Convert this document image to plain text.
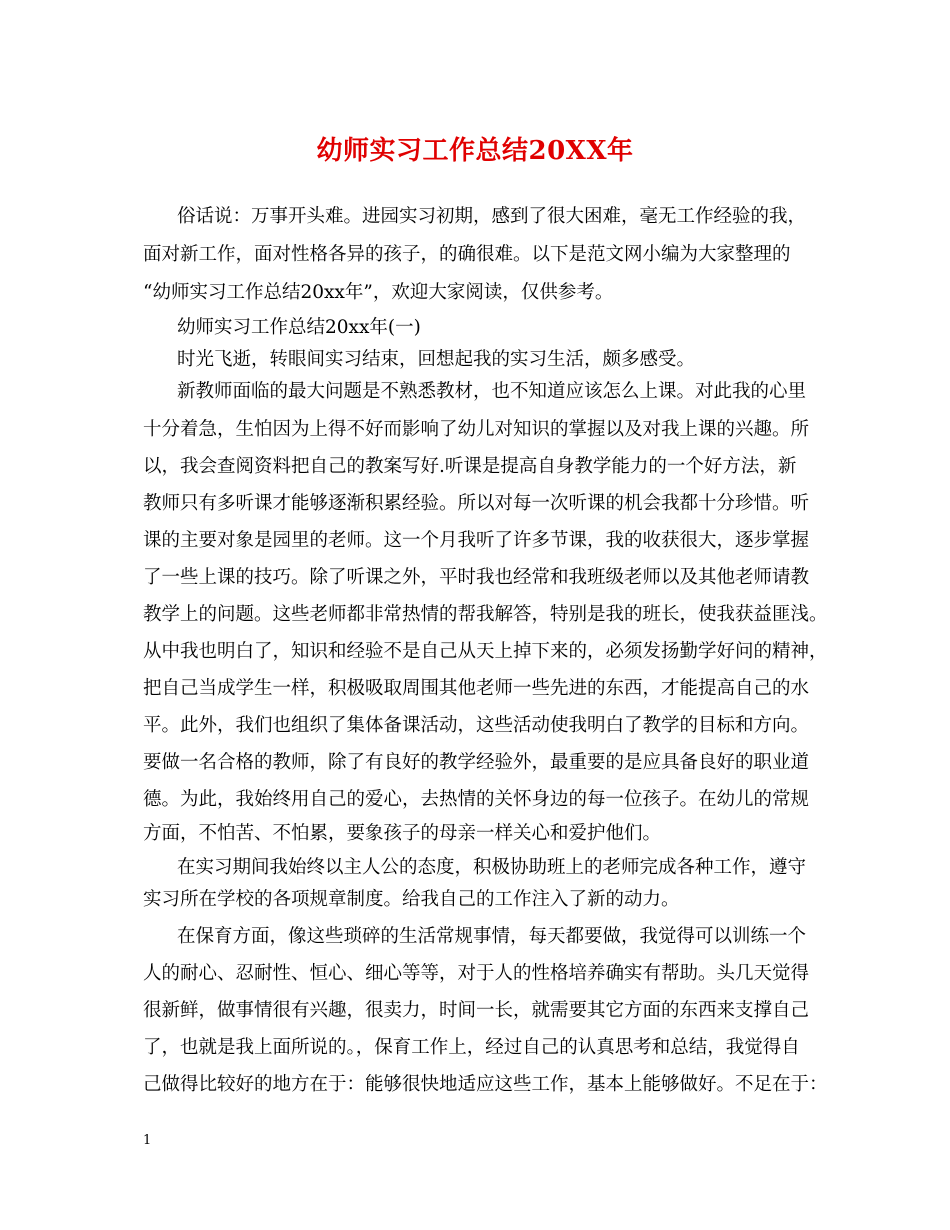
幼师实习工作总结20XX年
俗话说：万事开头难。进园实习初期，感到了很大困难，毫无工作经验的我，
面对新工作，面对性格各异的孩子，的确很难。以下是范文网小编为大家整理的
“幼师实习工作总结20xx年”，欢迎大家阅读，仅供参考。
幼师实习工作总结20xx年(一)
时光飞逝，转眼间实习结束，回想起我的实习生活，颇多感受。
新教师面临的最大问题是不熟悉教材，也不知道应该怎么上课。对此我的心里
十分着急，生怕因为上得不好而影响了幼儿对知识的掌握以及对我上课的兴趣。所
以，我会查阅资料把自己的教案写好.听课是提高自身教学能力的一个好方法，新
教师只有多听课才能够逐渐积累经验。所以对每一次听课的机会我都十分珍惜。听
课的主要对象是园里的老师。这一个月我听了许多节课，我的收获很大，逐步掌握
了一些上课的技巧。除了听课之外，平时我也经常和我班级老师以及其他老师请教
教学上的问题。这些老师都非常热情的帮我解答，特别是我的班长，使我获益匪浅。
从中我也明白了，知识和经验不是自己从天上掉下来的，必须发扬勤学好问的精神，
把自己当成学生一样，积极吸取周围其他老师一些先进的东西，才能提高自己的水
平。此外，我们也组织了集体备课活动，这些活动使我明白了教学的目标和方向。
要做一名合格的教师，除了有良好的教学经验外，最重要的是应具备良好的职业道
德。为此，我始终用自己的爱心，去热情的关怀身边的每一位孩子。在幼儿的常规
方面，不怕苦、不怕累，要象孩子的母亲一样关心和爱护他们。
在实习期间我始终以主人公的态度，积极协助班上的老师完成各种工作，遵守
实习所在学校的各项规章制度。给我自己的工作注入了新的动力。
在保育方面，像这些琐碎的生活常规事情，每天都要做，我觉得可以训练一个
人的耐心、忍耐性、恒心、细心等等，对于人的性格培养确实有帮助。头几天觉得
很新鲜，做事情很有兴趣，很卖力，时间一长，就需要其它方面的东西来支撑自己
了，也就是我上面所说的。，保育工作上，经过自己的认真思考和总结，我觉得自
己做得比较好的地方在于：能够很快地适应这些工作，基本上能够做好。不足在于：
1
